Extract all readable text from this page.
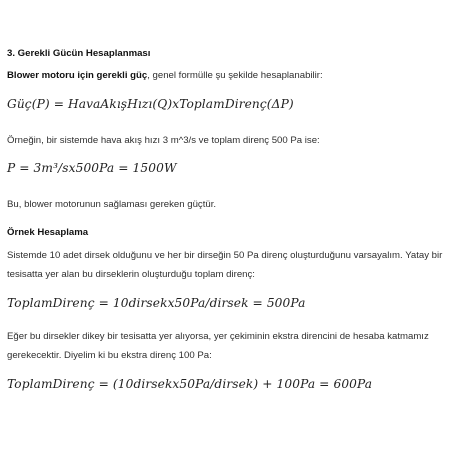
3. Gerekli Gücün Hesaplanması
Blower motoru için gerekli güç, genel formülle şu şekilde hesaplanabilir:
Güç(P) = HavaAkışHızı(Q)xToplamDirenç(ΔP)
Örneğin, bir sistemde hava akış hızı 3 m^3/s ve toplam direnç 500 Pa ise:
P = 3m³/sx500Pa = 1500W
Bu, blower motorunun sağlaması gereken güçtür.
Örnek Hesaplama
Sistemde 10 adet dirsek olduğunu ve her bir dirseğin 50 Pa direnç oluşturduğunu varsayalım. Yatay bir tesisatta yer alan bu dirseklerin oluşturduğu toplam direnç:
ToplamDirenç = 10dirsekx50Pa/dirsek = 500Pa
Eğer bu dirsekler dikey bir tesisatta yer alıyorsa, yer çekiminin ekstra direncini de hesaba katmamız gerekecektir. Diyelim ki bu ekstra direnç 100 Pa:
ToplamDirenç = (10dirsekx50Pa/dirsek) + 100Pa = 600Pa
